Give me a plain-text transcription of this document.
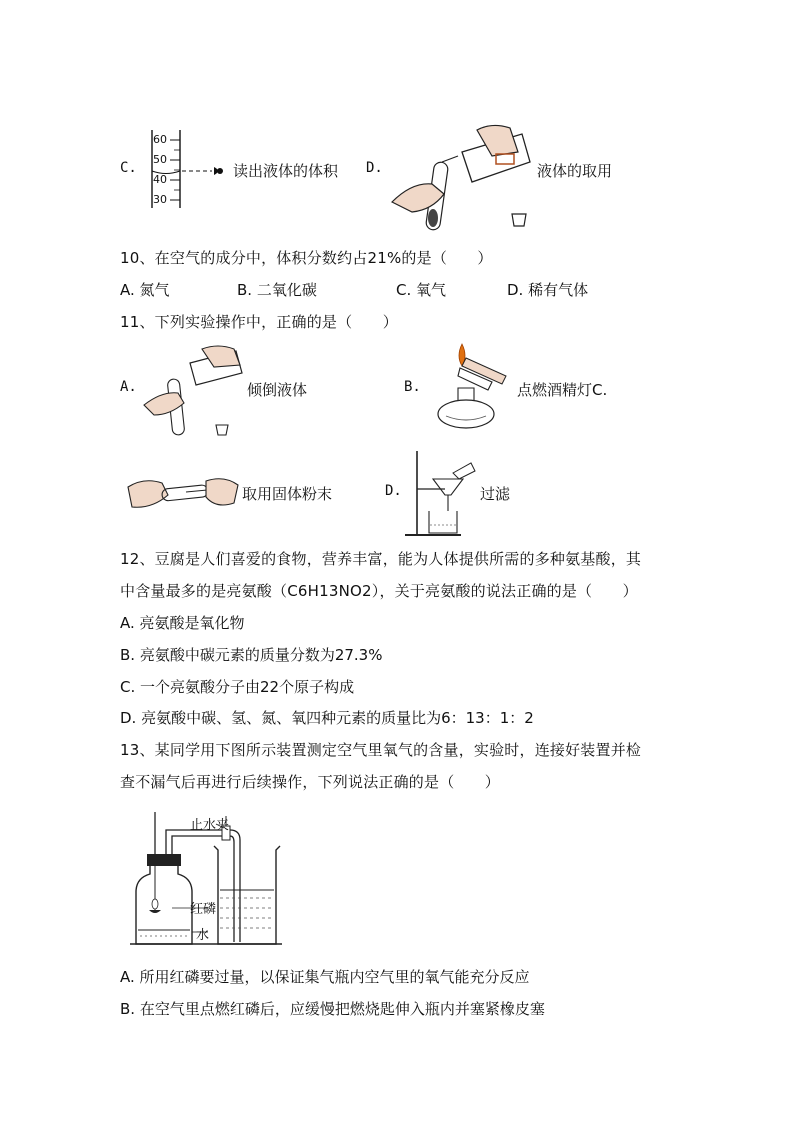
C.
60
50
40
30
读出液体的体积 D.	液体的取用
10、在空气的成分中，体积分数约占21%的是（　　）
A. 氮气	B. 二氧化碳	C. 氧气	D. 稀有气体
11、下列实验操作中，正确的是（　　）
A.	倾倒液体	B.	点燃酒精灯C.
取用固体粉末	D.	过滤
12、豆腐是人们喜爱的食物，营养丰富，能为人体提供所需的多种氨基酸，其
中含量最多的是亮氨酸（C6H13NO2），关于亮氨酸的说法正确的是（　　）
A. 亮氨酸是氧化物
B. 亮氨酸中碳元素的质量分数为27.3%
C. 一个亮氨酸分子由22个原子构成
D. 亮氨酸中碳、氢、氮、氧四种元素的质量比为6：13：1：2
13、某同学用下图所示装置测定空气里氧气的含量，实验时，连接好装置并检
查不漏气后再进行后续操作，下列说法正确的是（　　）
止水夹
红磷
水
A. 所用红磷要过量，以保证集气瓶内空气里的氧气能充分反应
B. 在空气里点燃红磷后，应缓慢把燃烧匙伸入瓶内并塞紧橡皮塞
